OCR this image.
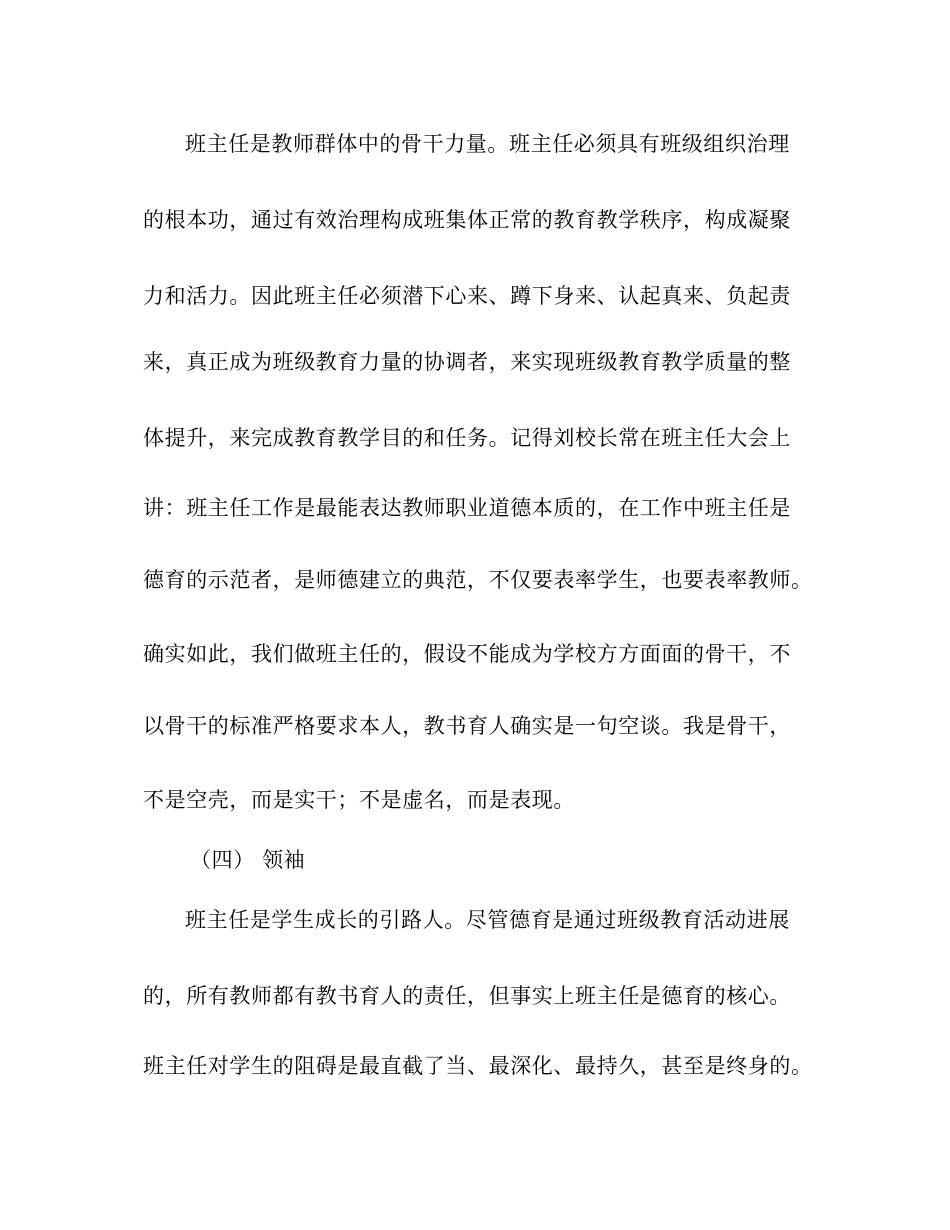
班主任是教师群体中的骨干力量。班主任必须具有班级组织治理

的根本功，通过有效治理构成班集体正常的教育教学秩序，构成凝聚

力和活力。因此班主任必须潜下心来、蹲下身来、认起真来、负起责

来，真正成为班级教育力量的协调者，来实现班级教育教学质量的整

体提升，来完成教育教学目的和任务。记得刘校长常在班主任大会上

讲：班主任工作是最能表达教师职业道德本质的，在工作中班主任是

德育的示范者，是师德建立的典范，不仅要表率学生，也要表率教师。

确实如此，我们做班主任的，假设不能成为学校方方面面的骨干，不

以骨干的标准严格要求本人，教书育人确实是一句空谈。我是骨干，

不是空壳，而是实干；不是虚名，而是表现。

（四） 领袖

班主任是学生成长的引路人。尽管德育是通过班级教育活动进展

的，所有教师都有教书育人的责任，但事实上班主任是德育的核心。

班主任对学生的阻碍是最直截了当、最深化、最持久，甚至是终身的。
